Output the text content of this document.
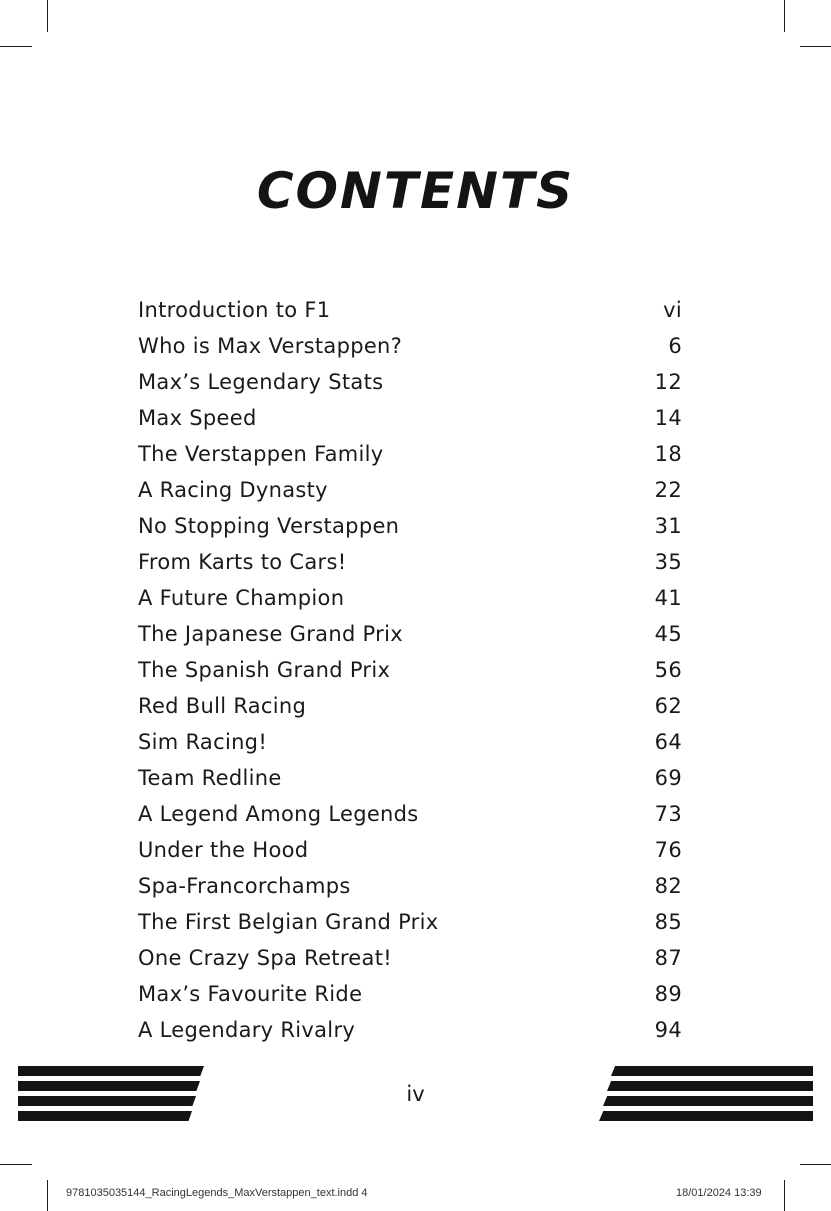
CONTENTS
Introduction to F1	vi
Who is Max Verstappen?	6
Max’s Legendary Stats	12
Max Speed	14
The Verstappen Family	18
A Racing Dynasty	22
No Stopping Verstappen	31
From Karts to Cars!	35
A Future Champion	41
The Japanese Grand Prix	45
The Spanish Grand Prix	56
Red Bull Racing	62
Sim Racing!	64
Team Redline	69
A Legend Among Legends	73
Under the Hood	76
Spa-Francorchamps	82
The First Belgian Grand Prix	85
One Crazy Spa Retreat!	87
Max’s Favourite Ride	89
A Legendary Rivalry	94
iv
9781035035144_RacingLegends_MaxVerstappen_text.indd 4	18/01/2024 13:39
